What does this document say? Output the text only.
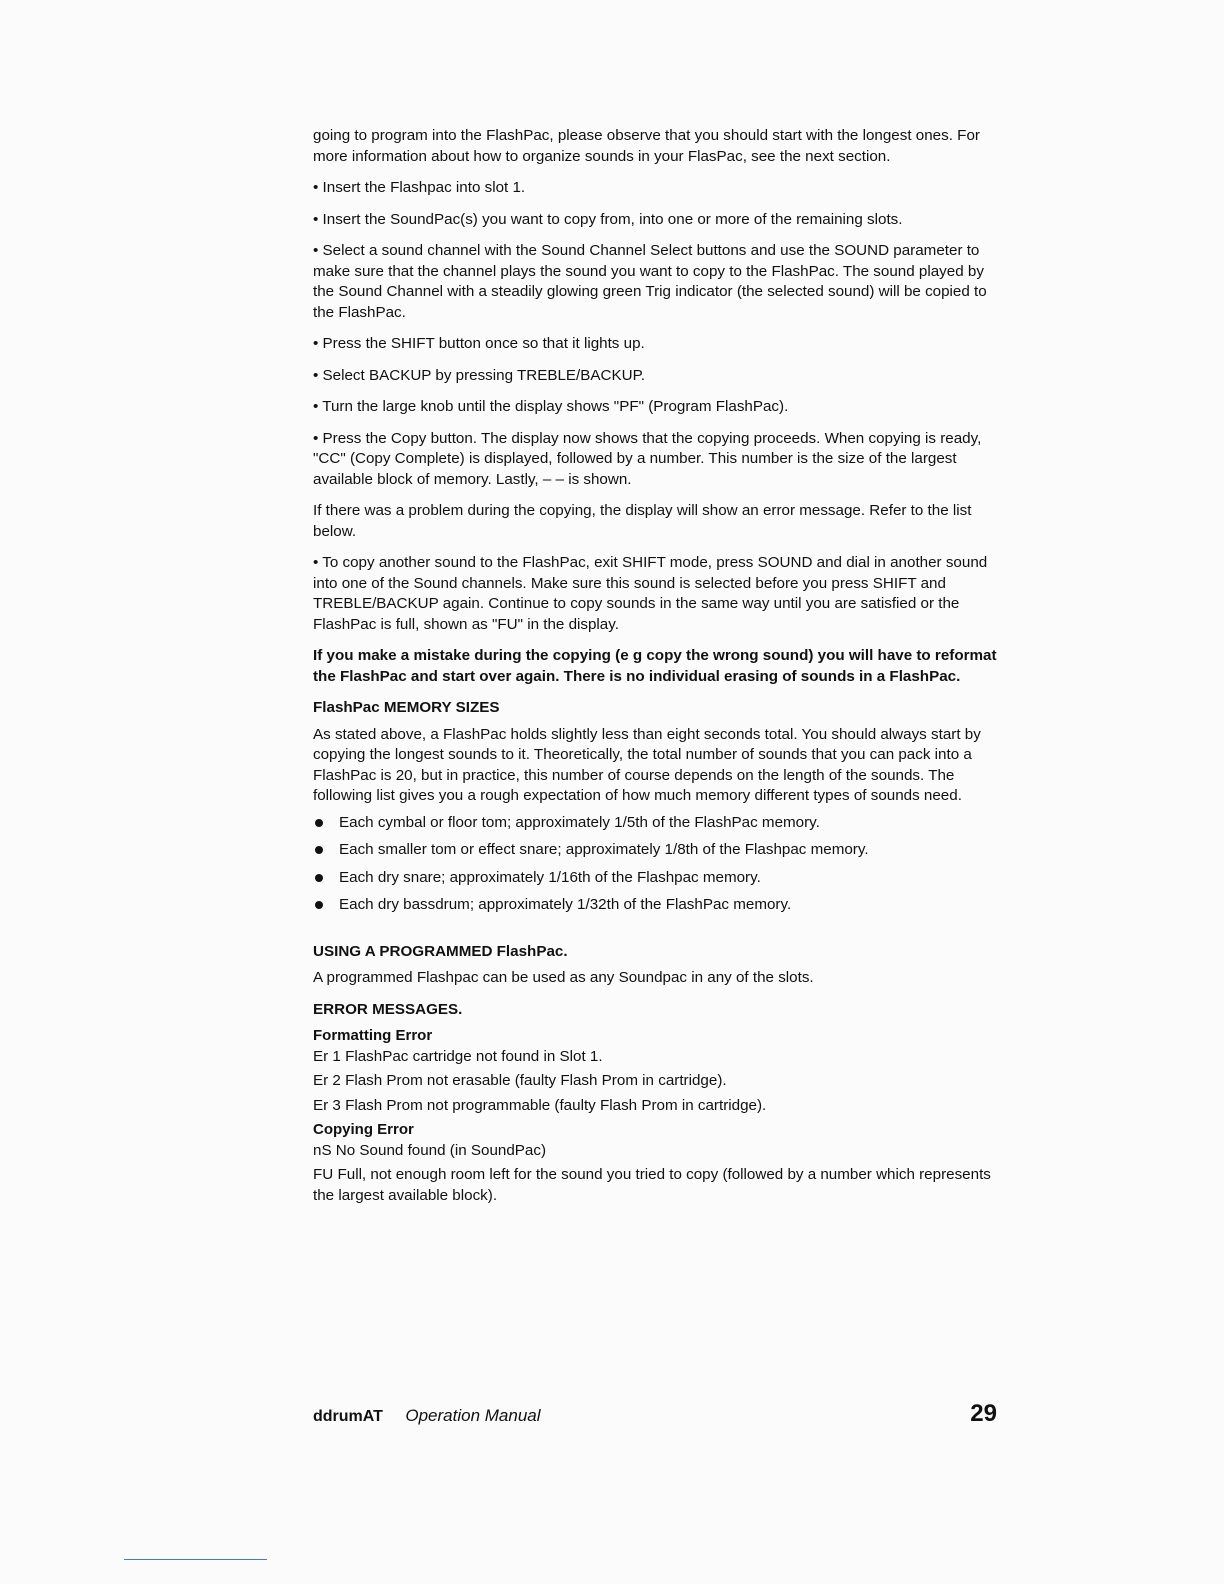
going to program into the FlashPac, please observe that you should start with the longest ones. For more information about how to organize sounds in your FlasPac, see the next section.

• Insert the Flashpac into slot 1.

• Insert the SoundPac(s) you want to copy from, into one or more of the remaining slots.

• Select a sound channel with the Sound Channel Select buttons and use the SOUND parameter to make sure that the channel plays the sound you want to copy to the FlashPac. The sound played by the Sound Channel with a steadily glowing green Trig indicator (the selected sound) will be copied to the FlashPac.

• Press the SHIFT button once so that it lights up.

• Select BACKUP by pressing TREBLE/BACKUP.

• Turn the large knob until the display shows "PF" (Program FlashPac).

• Press the Copy button. The display now shows that the copying proceeds. When copying is ready, "CC" (Copy Complete) is displayed, followed by a number. This number is the size of the largest available block of memory. Lastly, – – is shown.

If there was a problem during the copying, the display will show an error message. Refer to the list below.

• To copy another sound to the FlashPac, exit SHIFT mode, press SOUND and dial in another sound into one of the Sound channels. Make sure this sound is selected before you press SHIFT and TREBLE/BACKUP again. Continue to copy sounds in the same way until you are satisfied or the FlashPac is full, shown as "FU" in the display.

If you make a mistake during the copying (e g copy the wrong sound) you will have to reformat the FlashPac and start over again. There is no individual erasing of sounds in a FlashPac.

FlashPac MEMORY SIZES

As stated above, a FlashPac holds slightly less than eight seconds total. You should always start by copying the longest sounds to it. Theoretically, the total number of sounds that you can pack into a FlashPac is 20, but in practice, this number of course depends on the length of the sounds. The following list gives you a rough expectation of how much memory different types of sounds need.

Each cymbal or floor tom; approximately 1/5th of the FlashPac memory.
Each smaller tom or effect snare; approximately 1/8th of the Flashpac memory.
Each dry snare; approximately 1/16th of the Flashpac memory.
Each dry bassdrum; approximately 1/32th of the FlashPac memory.
USING A PROGRAMMED FlashPac.

A programmed Flashpac can be used as any Soundpac in any of the slots.

ERROR MESSAGES.
Formatting Error
Er 1 FlashPac cartridge not found in Slot 1.
Er 2 Flash Prom not erasable (faulty Flash Prom in cartridge).
Er 3 Flash Prom not programmable (faulty Flash Prom in cartridge).
Copying Error
nS No Sound found (in SoundPac)
FU Full, not enough room left for the sound you tried to copy (followed by a number which represents the largest available block).
ddrumAT Operation Manual	29
